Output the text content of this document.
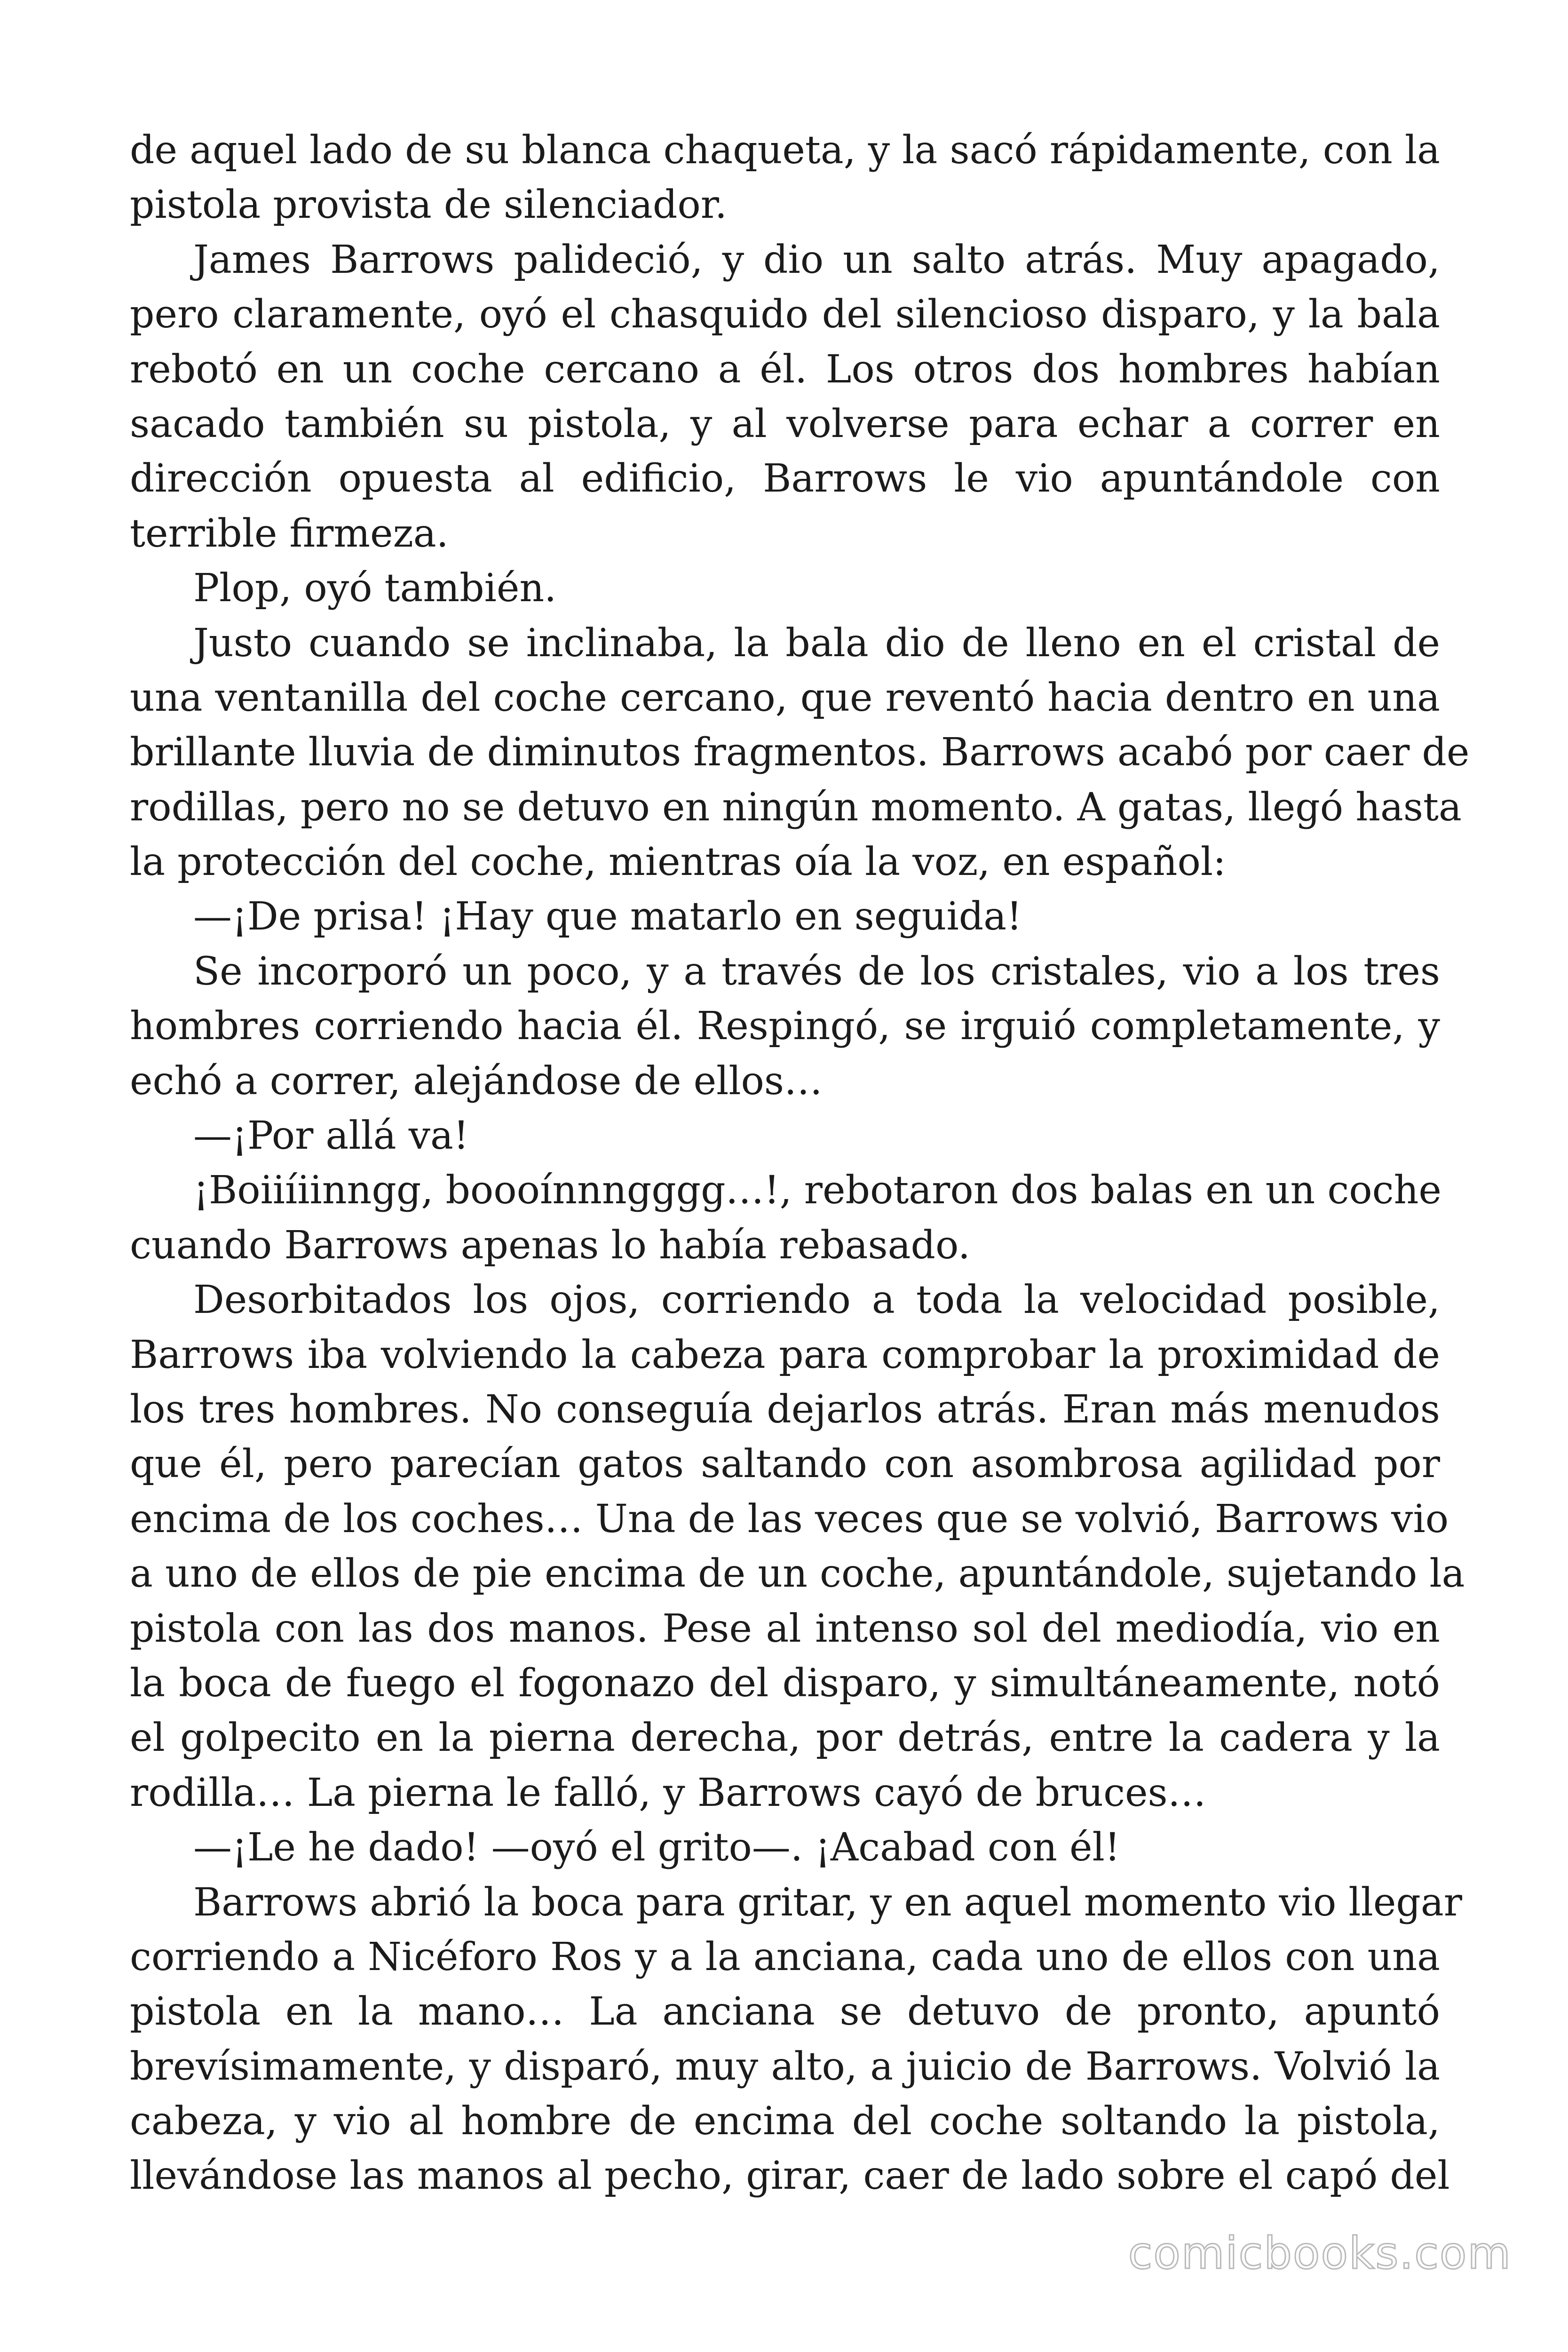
de aquel lado de su blanca chaqueta, y la sacó rápidamente, con la
pistola provista de silenciador.
James Barrows palideció, y dio un salto atrás. Muy apagado,
pero claramente, oyó el chasquido del silencioso disparo, y la bala
rebotó en un coche cercano a él. Los otros dos hombres habían
sacado también su pistola, y al volverse para echar a correr en
dirección opuesta al edificio, Barrows le vio apuntándole con
terrible firmeza.
Plop, oyó también.
Justo cuando se inclinaba, la bala dio de lleno en el cristal de
una ventanilla del coche cercano, que reventó hacia dentro en una
brillante lluvia de diminutos fragmentos. Barrows acabó por caer de
rodillas, pero no se detuvo en ningún momento. A gatas, llegó hasta
la protección del coche, mientras oía la voz, en español:
—¡De prisa! ¡Hay que matarlo en seguida!
Se incorporó un poco, y a través de los cristales, vio a los tres
hombres corriendo hacia él. Respingó, se irguió completamente, y
echó a correr, alejándose de ellos…
—¡Por allá va!
¡Boiiíiinngg, boooínnngggg…!, rebotaron dos balas en un coche
cuando Barrows apenas lo había rebasado.
Desorbitados los ojos, corriendo a toda la velocidad posible,
Barrows iba volviendo la cabeza para comprobar la proximidad de
los tres hombres. No conseguía dejarlos atrás. Eran más menudos
que él, pero parecían gatos saltando con asombrosa agilidad por
encima de los coches… Una de las veces que se volvió, Barrows vio
a uno de ellos de pie encima de un coche, apuntándole, sujetando la
pistola con las dos manos. Pese al intenso sol del mediodía, vio en
la boca de fuego el fogonazo del disparo, y simultáneamente, notó
el golpecito en la pierna derecha, por detrás, entre la cadera y la
rodilla… La pierna le falló, y Barrows cayó de bruces…
—¡Le he dado! —oyó el grito—. ¡Acabad con él!
Barrows abrió la boca para gritar, y en aquel momento vio llegar
corriendo a Nicéforo Ros y a la anciana, cada uno de ellos con una
pistola en la mano… La anciana se detuvo de pronto, apuntó
brevísimamente, y disparó, muy alto, a juicio de Barrows. Volvió la
cabeza, y vio al hombre de encima del coche soltando la pistola,
llevándose las manos al pecho, girar, caer de lado sobre el capó del
comicbooks.com
